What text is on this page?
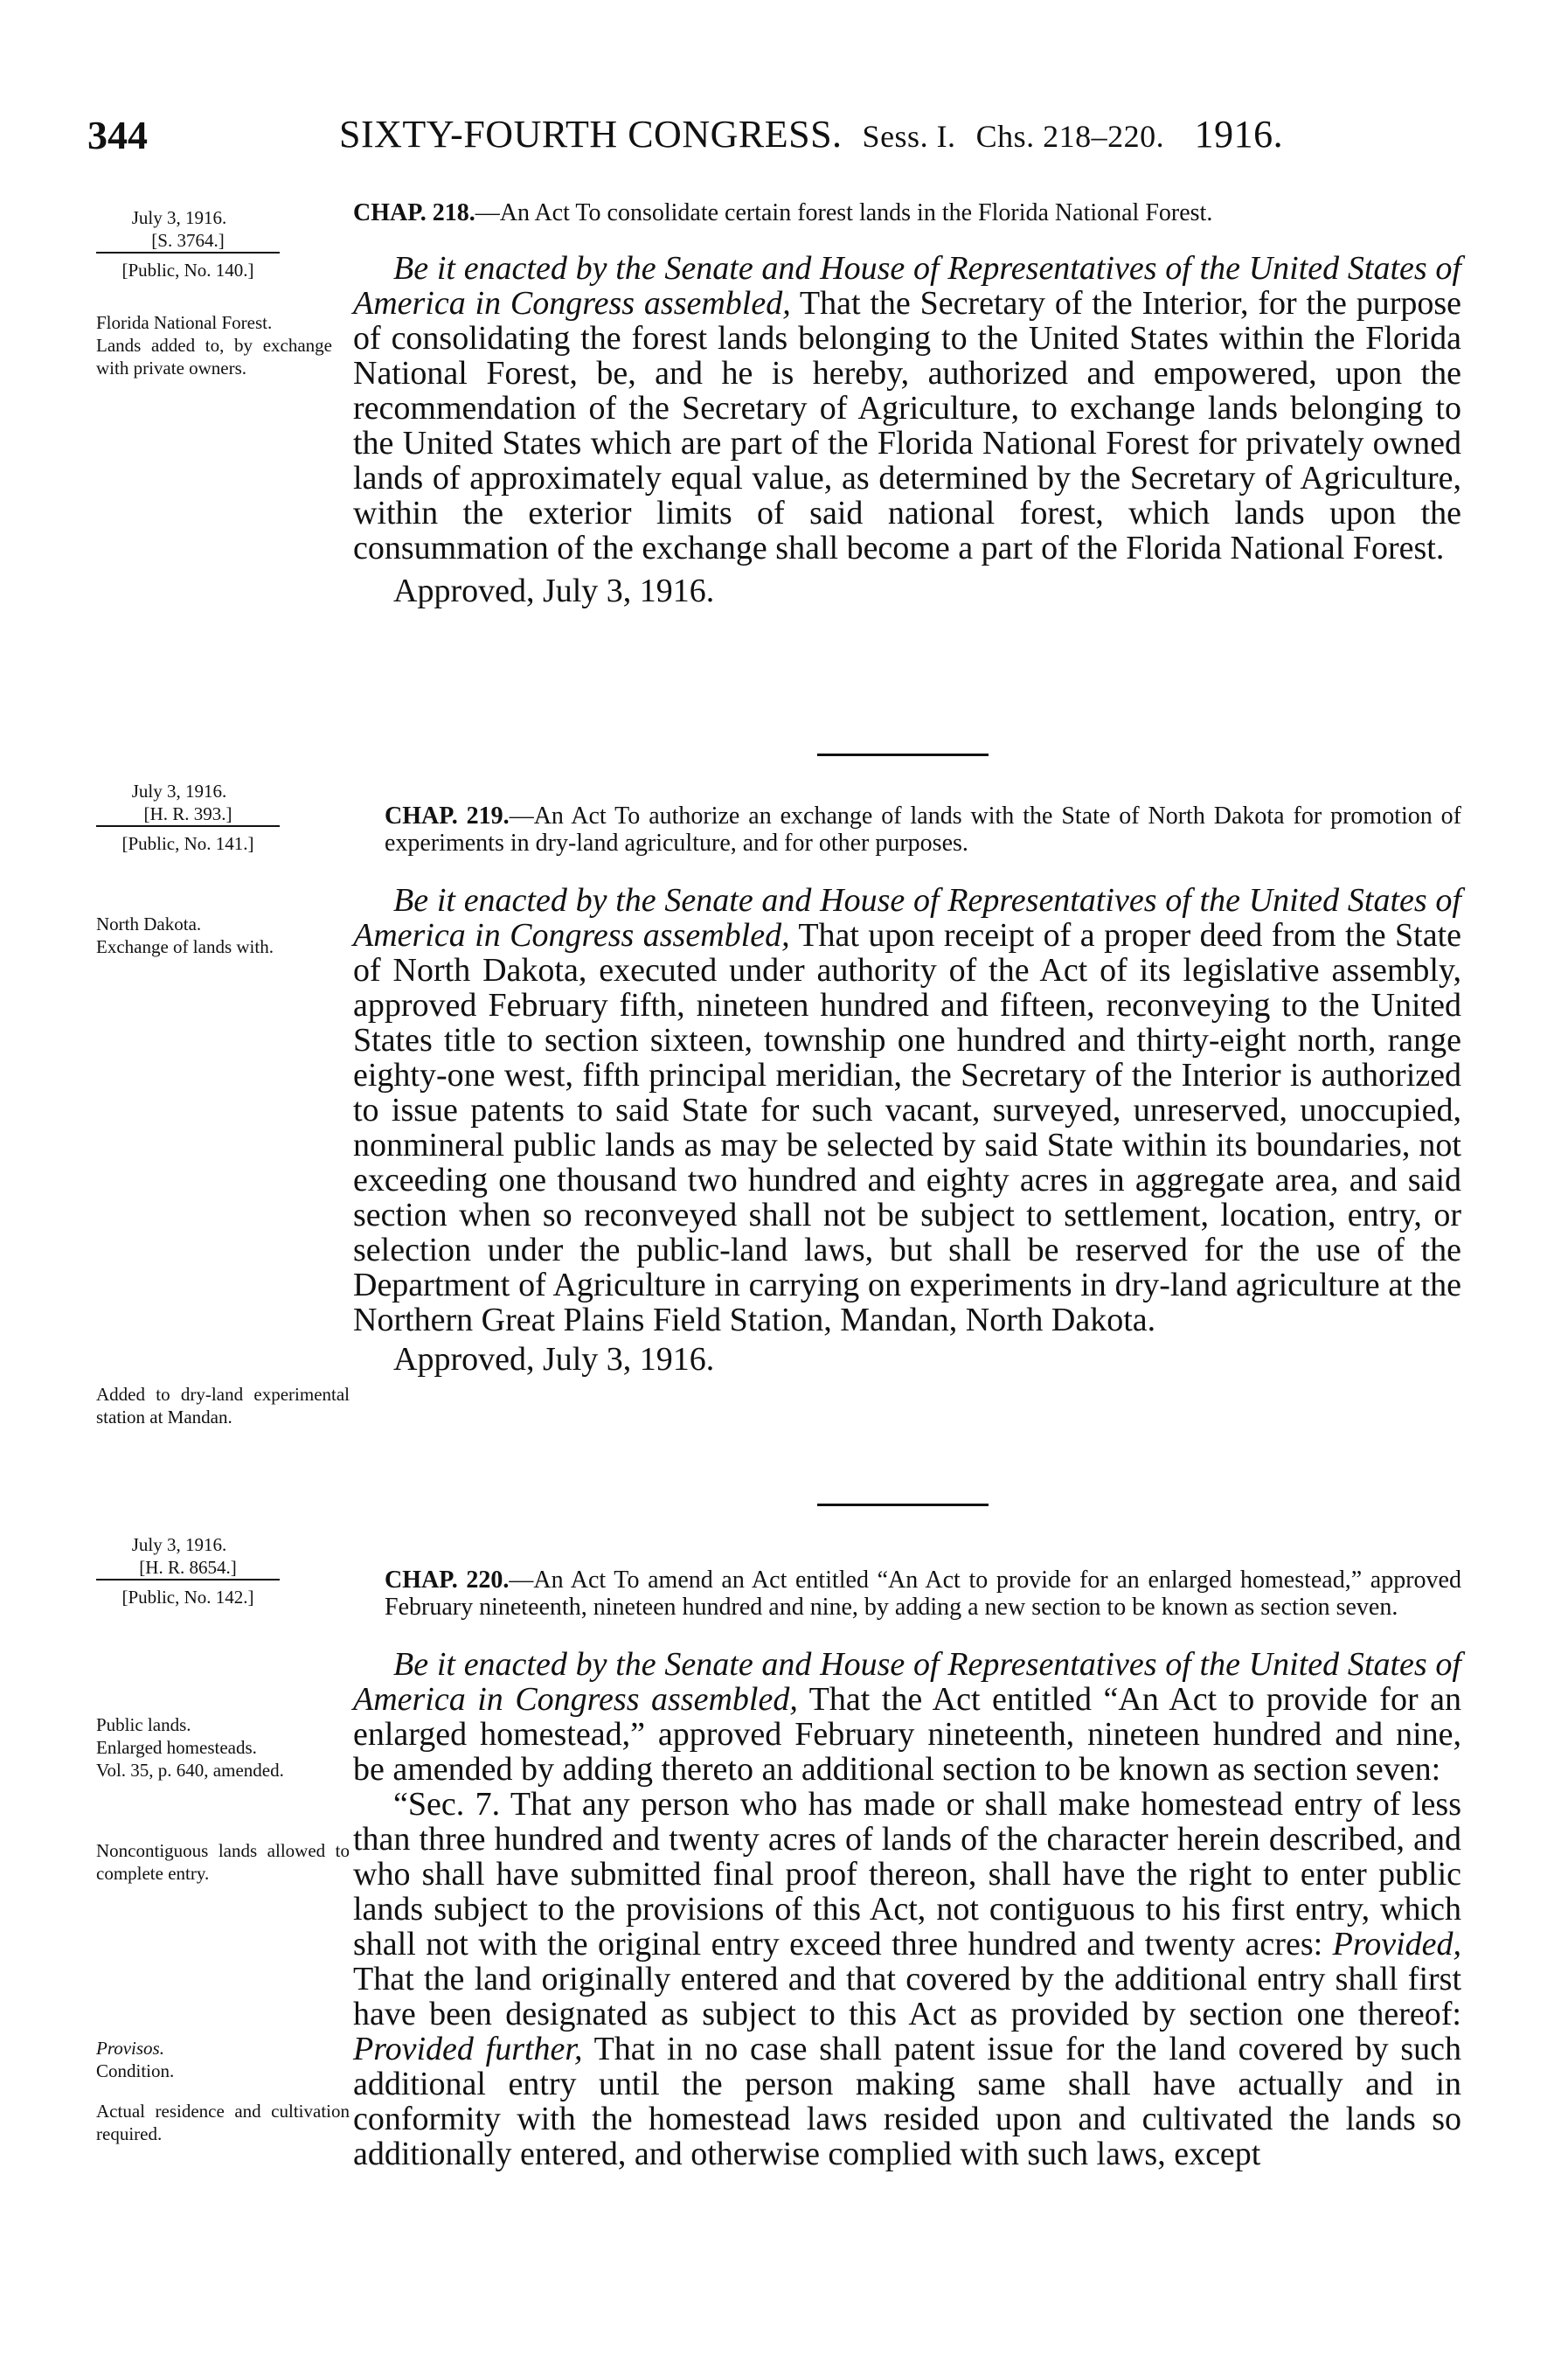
344	SIXTY-FOURTH CONGRESS. Sess. I. Chs. 218–220. 1916.
July 3, 1916.
[S. 3764.]
[Public, No. 140.]
Florida National Forest.
Lands added to, by exchange with private owners.
CHAP. 218.—An Act To consolidate certain forest lands in the Florida National Forest.

Be it enacted by the Senate and House of Representatives of the United States of America in Congress assembled, That the Secretary of the Interior, for the purpose of consolidating the forest lands belonging to the United States within the Florida National Forest, be, and he is hereby, authorized and empowered, upon the recommendation of the Secretary of Agriculture, to exchange lands belonging to the United States which are part of the Florida National Forest for privately owned lands of approximately equal value, as determined by the Secretary of Agriculture, within the exterior limits of said national forest, which lands upon the consummation of the exchange shall become a part of the Florida National Forest.

Approved, July 3, 1916.
July 3, 1916.
[H. R. 393.]
[Public, No. 141.]
North Dakota.
Exchange of lands with.
Added to dry-land experimental station at Mandan.
CHAP. 219.—An Act To authorize an exchange of lands with the State of North Dakota for promotion of experiments in dry-land agriculture, and for other purposes.

Be it enacted by the Senate and House of Representatives of the United States of America in Congress assembled, That upon receipt of a proper deed from the State of North Dakota, executed under authority of the Act of its legislative assembly, approved February fifth, nineteen hundred and fifteen, reconveying to the United States title to section sixteen, township one hundred and thirty-eight north, range eighty-one west, fifth principal meridian, the Secretary of the Interior is authorized to issue patents to said State for such vacant, surveyed, unreserved, unoccupied, nonmineral public lands as may be selected by said State within its boundaries, not exceeding one thousand two hundred and eighty acres in aggregate area, and said section when so reconveyed shall not be subject to settlement, location, entry, or selection under the public-land laws, but shall be reserved for the use of the Department of Agriculture in carrying on experiments in dry-land agriculture at the Northern Great Plains Field Station, Mandan, North Dakota.

Approved, July 3, 1916.
July 3, 1916.
[H. R. 8654.]
[Public, No. 142.]
Public lands.
Enlarged homesteads.
Vol. 35, p. 640, amended.
Noncontiguous lands allowed to complete entry.
Provisos.
Condition.
Actual residence and cultivation required.
CHAP. 220.—An Act To amend an Act entitled “An Act to provide for an enlarged homestead,” approved February nineteenth, nineteen hundred and nine, by adding a new section to be known as section seven.

Be it enacted by the Senate and House of Representatives of the United States of America in Congress assembled, That the Act entitled “An Act to provide for an enlarged homestead,” approved February nineteenth, nineteen hundred and nine, be amended by adding thereto an additional section to be known as section seven:

“Sec. 7. That any person who has made or shall make homestead entry of less than three hundred and twenty acres of lands of the character herein described, and who shall have submitted final proof thereon, shall have the right to enter public lands subject to the provisions of this Act, not contiguous to his first entry, which shall not with the original entry exceed three hundred and twenty acres: Provided, That the land originally entered and that covered by the additional entry shall first have been designated as subject to this Act as provided by section one thereof: Provided further, That in no case shall patent issue for the land covered by such additional entry until the person making same shall have actually and in conformity with the homestead laws resided upon and cultivated the lands so additionally entered, and otherwise complied with such laws, except
